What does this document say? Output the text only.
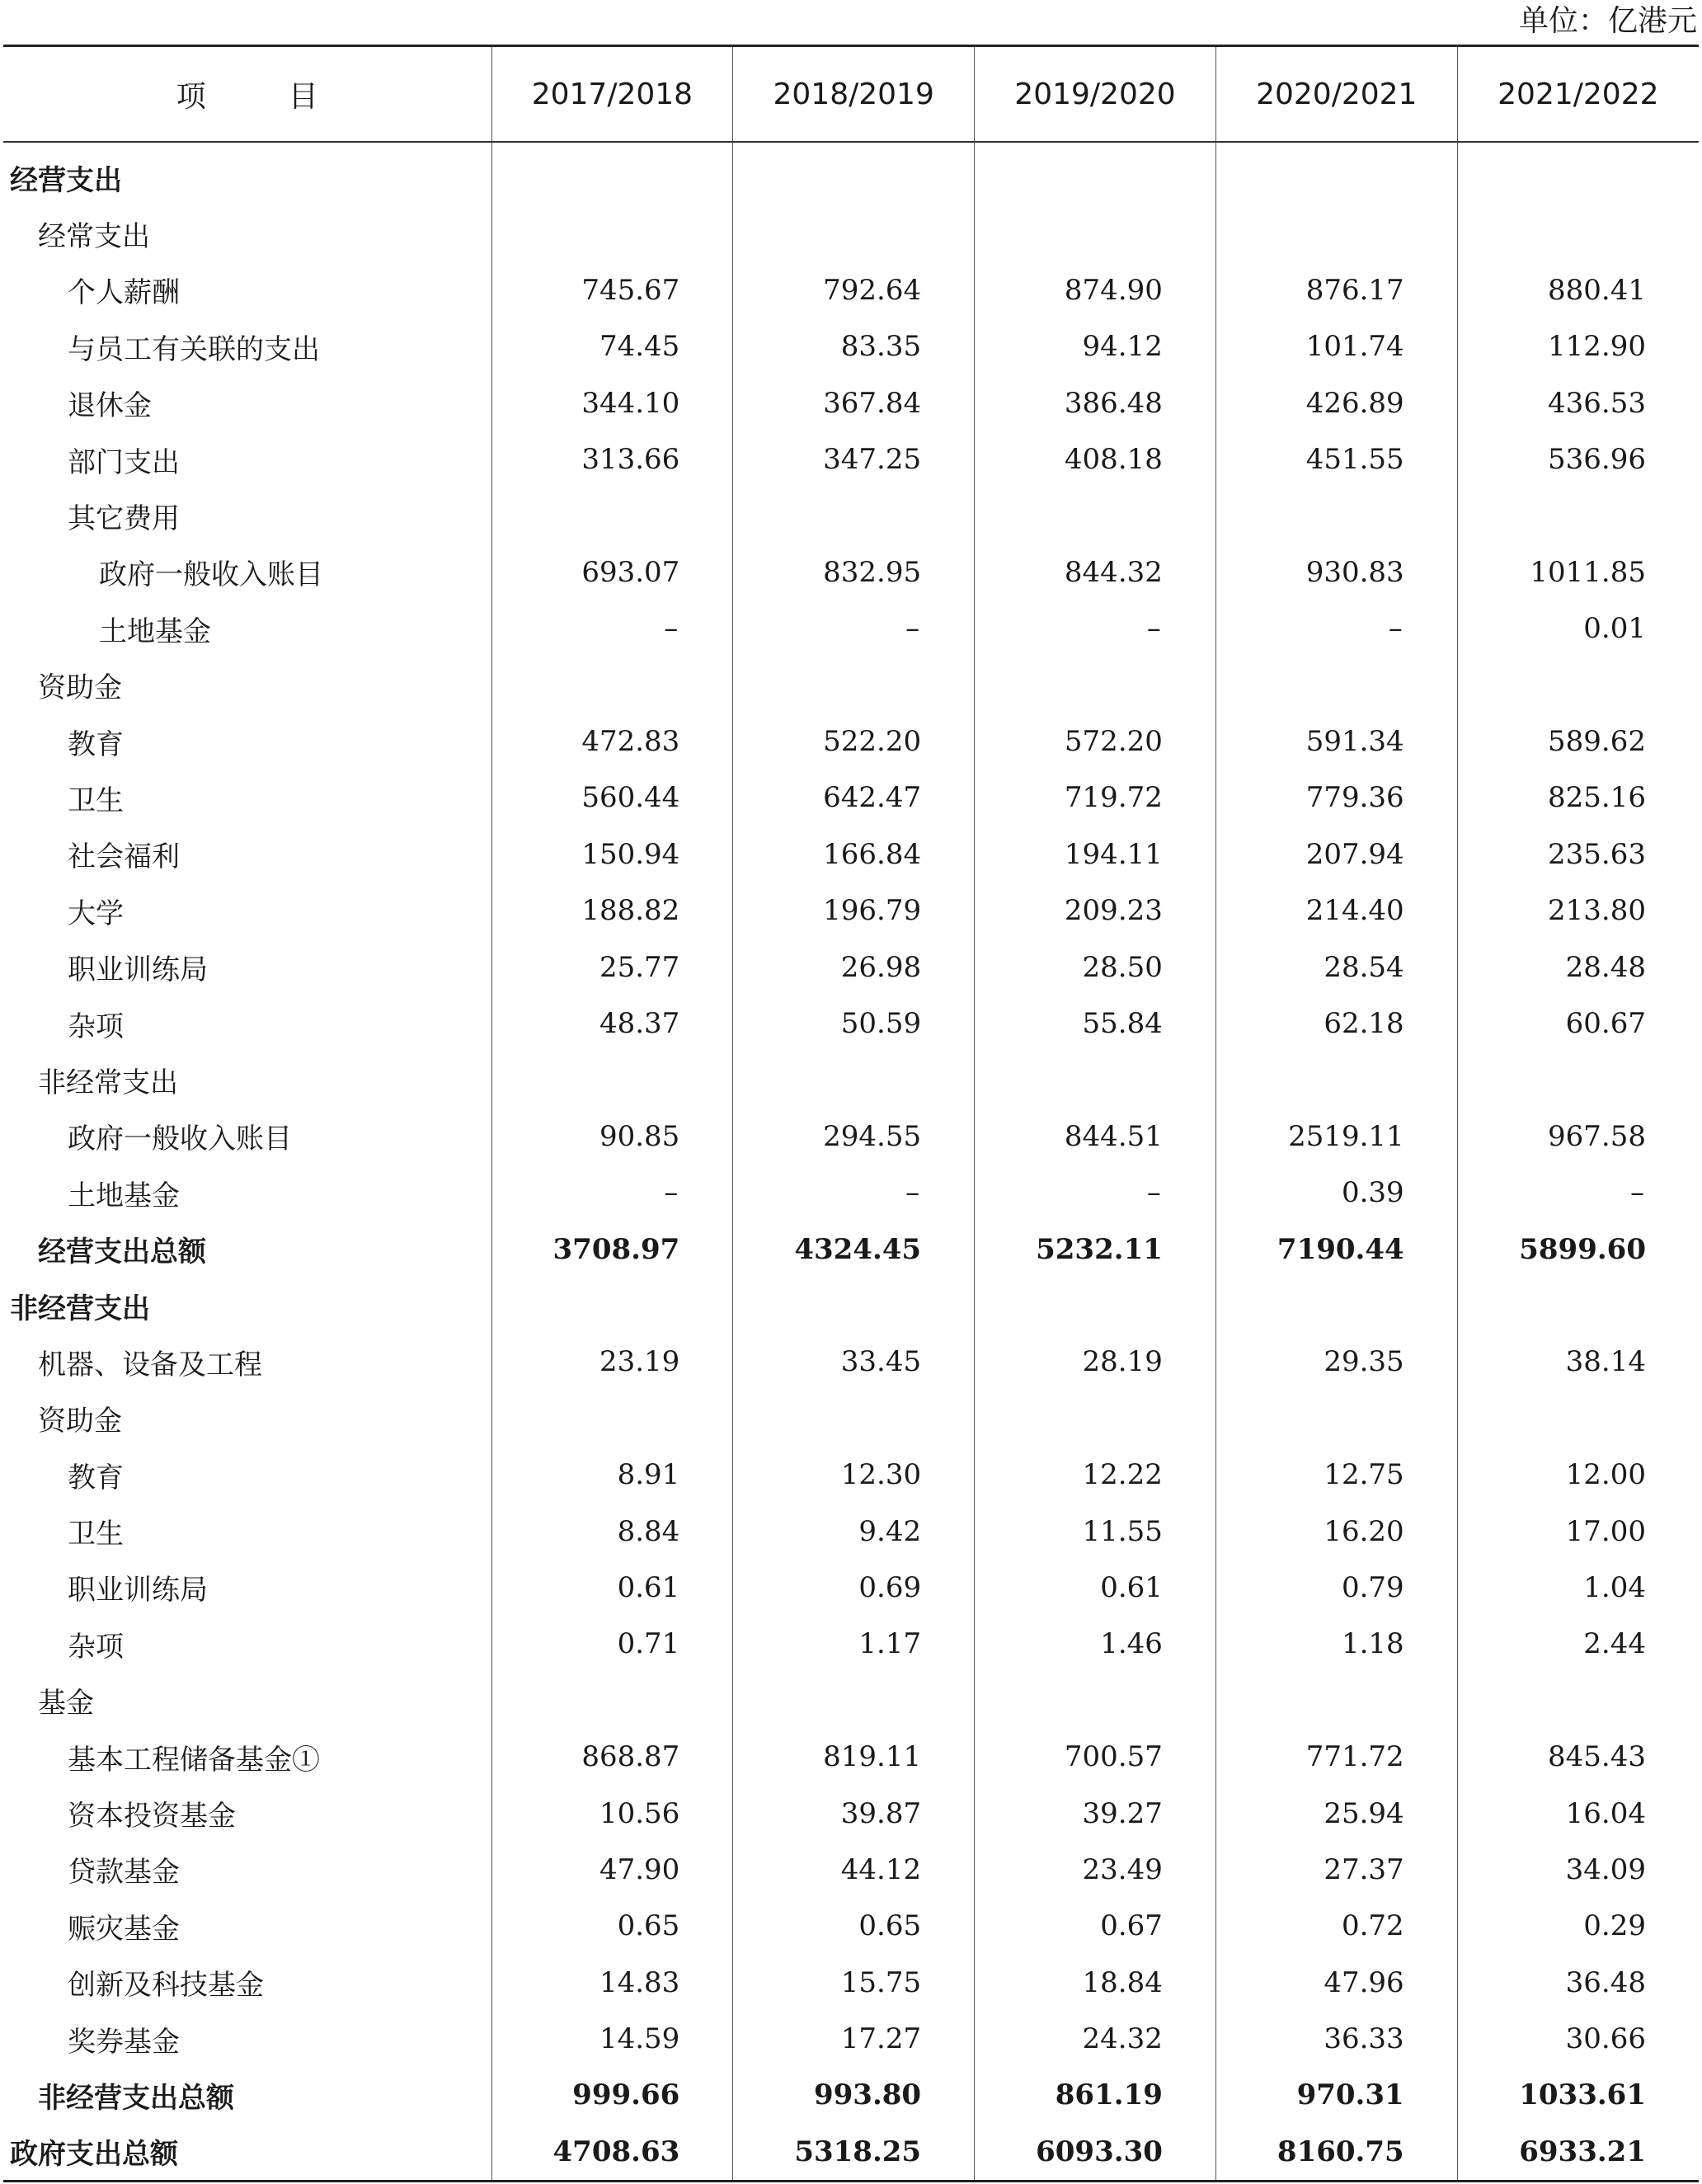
单位：亿港元
项 目	2017/2018	2018/2019	2019/2020	2020/2021	2021/2022
经营支出					
经常支出					
个人薪酬	745.67	792.64	874.90	876.17	880.41
与员工有关联的支出	74.45	83.35	94.12	101.74	112.90
退休金	344.10	367.84	386.48	426.89	436.53
部门支出	313.66	347.25	408.18	451.55	536.96
其它费用					
政府一般收入账目	693.07	832.95	844.32	930.83	1011.85
土地基金	–	–	–	–	0.01
资助金					
教育	472.83	522.20	572.20	591.34	589.62
卫生	560.44	642.47	719.72	779.36	825.16
社会福利	150.94	166.84	194.11	207.94	235.63
大学	188.82	196.79	209.23	214.40	213.80
职业训练局	25.77	26.98	28.50	28.54	28.48
杂项	48.37	50.59	55.84	62.18	60.67
非经常支出					
政府一般收入账目	90.85	294.55	844.51	2519.11	967.58
土地基金	–	–	–	0.39	–
经营支出总额	3708.97	4324.45	5232.11	7190.44	5899.60
非经营支出					
机器、设备及工程	23.19	33.45	28.19	29.35	38.14
资助金					
教育	8.91	12.30	12.22	12.75	12.00
卫生	8.84	9.42	11.55	16.20	17.00
职业训练局	0.61	0.69	0.61	0.79	1.04
杂项	0.71	1.17	1.46	1.18	2.44
基金					
基本工程储备基金①	868.87	819.11	700.57	771.72	845.43
资本投资基金	10.56	39.87	39.27	25.94	16.04
贷款基金	47.90	44.12	23.49	27.37	34.09
赈灾基金	0.65	0.65	0.67	0.72	0.29
创新及科技基金	14.83	15.75	18.84	47.96	36.48
奖券基金	14.59	17.27	24.32	36.33	30.66
非经营支出总额	999.66	993.80	861.19	970.31	1033.61
政府支出总额	4708.63	5318.25	6093.30	8160.75	6933.21
